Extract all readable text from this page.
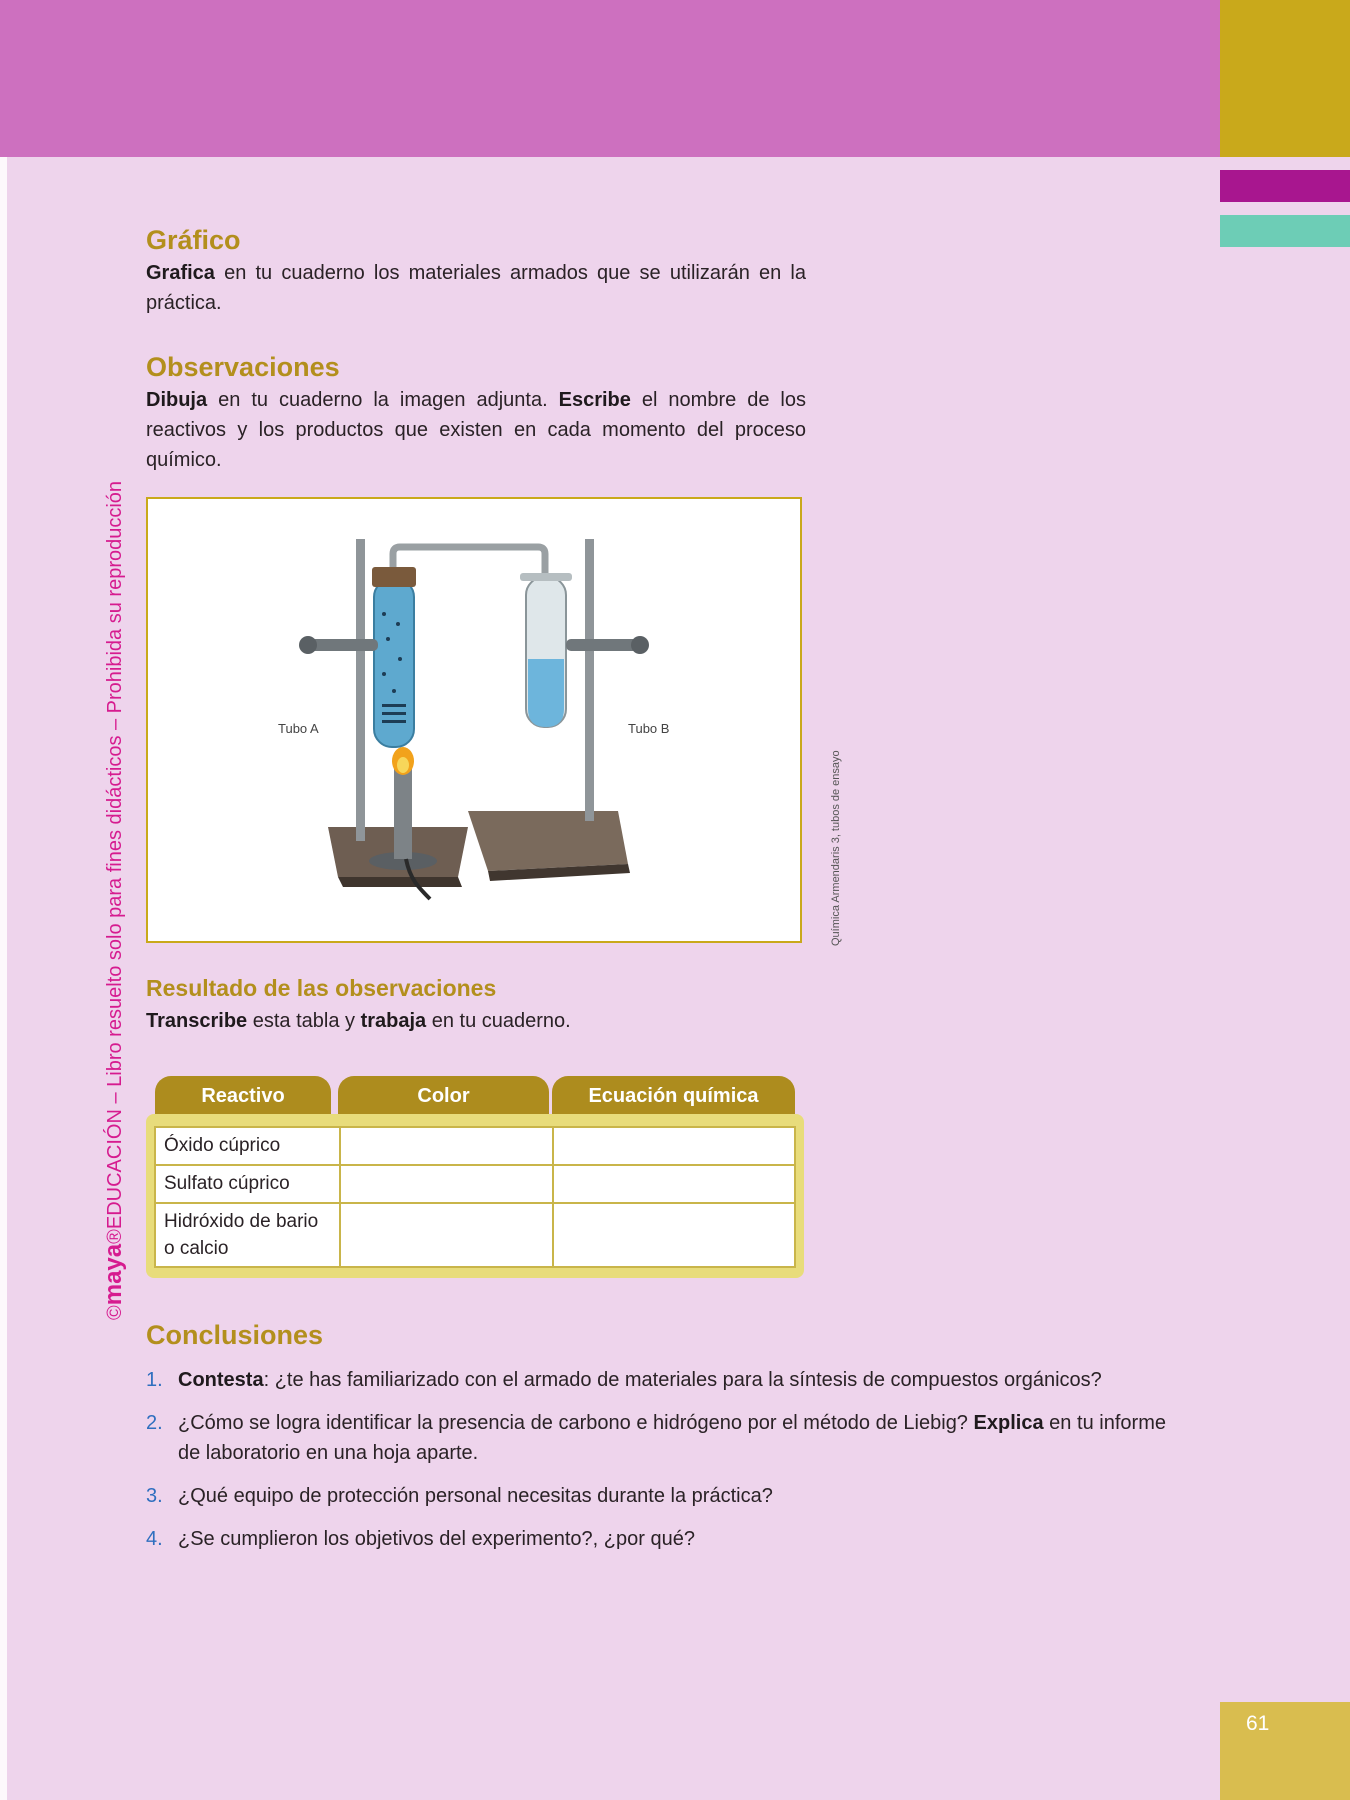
©maya®EDUCACIÓN – Libro resuelto solo para fines didácticos – Prohibida su reproducción
Gráfico

Grafica en tu cuaderno los materiales armados que se utilizarán en la práctica.

Observaciones

Dibuja en tu cuaderno la imagen adjunta. Escribe el nombre de los reactivos y los productos que existen en cada momento del proceso químico.

Tubo A	Tubo B
Química Armendaris 3, tubos de ensayo
Resultado de las observaciones

Transcribe esta tabla y trabaja en tu cuaderno.

Reactivo	Color	Ecuación química
Óxido cúprico		
Sulfato cúprico		
Hidróxido de bario o calcio		
Conclusiones
1. Contesta: ¿te has familiarizado con el armado de materiales para la síntesis de compuestos orgánicos?
2. ¿Cómo se logra identificar la presencia de carbono e hidrógeno por el método de Liebig? Explica en tu informe de laboratorio en una hoja aparte.
3. ¿Qué equipo de protección personal necesitas durante la práctica?
4. ¿Se cumplieron los objetivos del experimento?, ¿por qué?
61
